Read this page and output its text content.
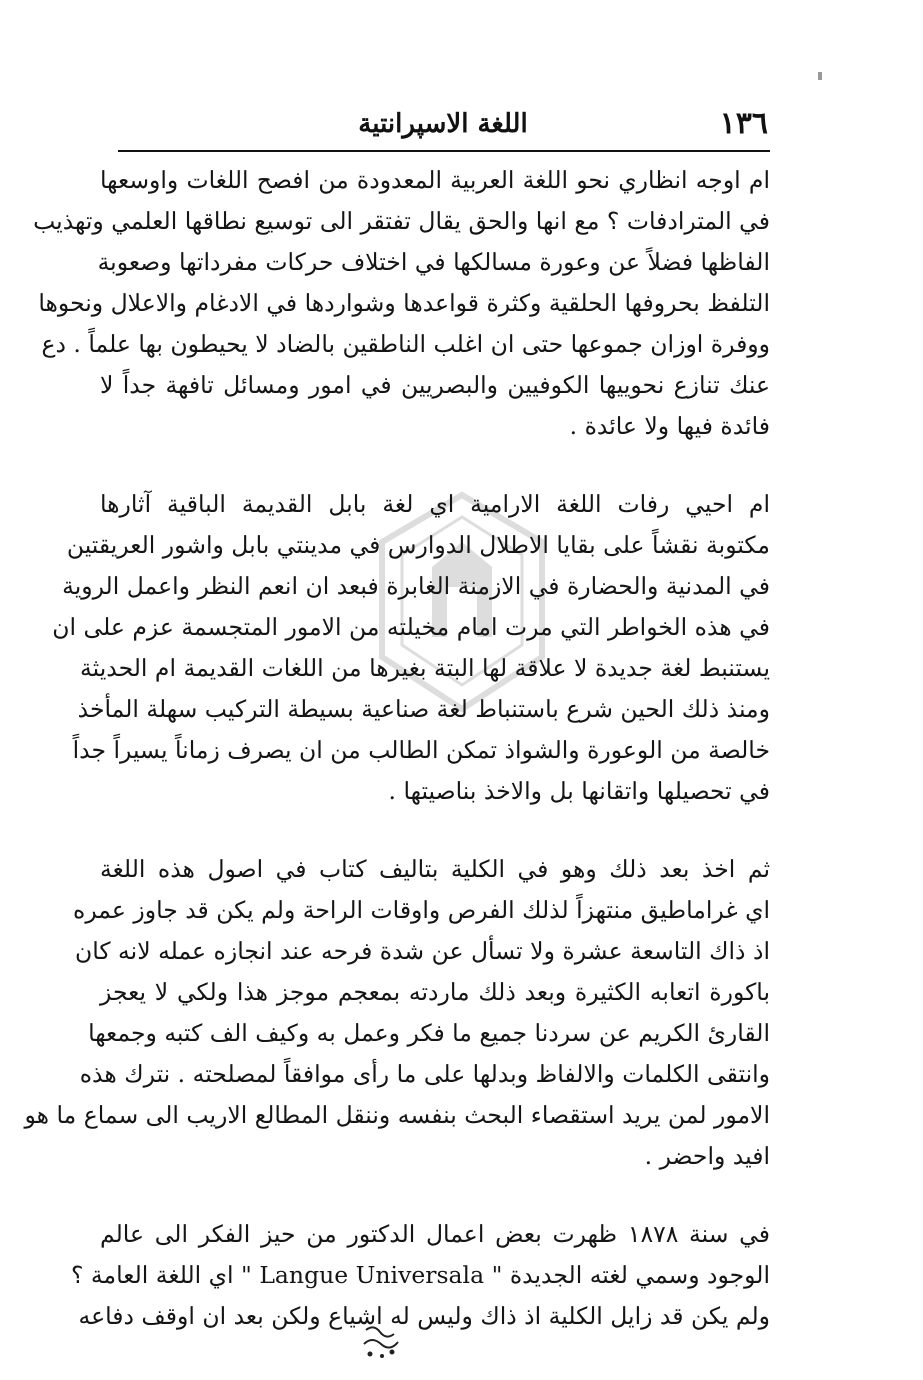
١٣٦
اللغة الاسپرانتية
ام اوجه انظاري نحو اللغة العربية المعدودة من افصح اللغات واوسعها
في المترادفات ؟ مع انها والحق يقال تفتقر الى توسيع نطاقها العلمي وتهذيب
الفاظها فضلاً عن وعورة مسالكها في اختلاف حركات مفرداتها وصعوبة
التلفظ بحروفها الحلقية وكثرة قواعدها وشواردها في الادغام والاعلال ونحوها
ووفرة اوزان جموعها حتى ان اغلب الناطقين بالضاد لا يحيطون بها علماً . دع
عنك تنازع نحوييها الكوفيين والبصريين في امور ومسائل تافهة جداً لا
فائدة فيها ولا عائدة .
ام احيي رفات اللغة الارامية اي لغة بابل القديمة الباقية آثارها
مكتوبة نقشاً على بقايا الاطلال الدوارس في مدينتي بابل واشور العريقتين
في المدنية والحضارة في الازمنة الغابرة فبعد ان انعم النظر واعمل الروية
في هذه الخواطر التي مرت امام مخيلته من الامور المتجسمة عزم على ان
يستنبط لغة جديدة لا علاقة لها البتة بغيرها من اللغات القديمة ام الحديثة
ومنذ ذلك الحين شرع باستنباط لغة صناعية بسيطة التركيب سهلة المأخذ
خالصة من الوعورة والشواذ تمكن الطالب من ان يصرف زماناً يسيراً جداً
في تحصيلها واتقانها بل والاخذ بناصيتها .
ثم اخذ بعد ذلك وهو في الكلية بتاليف كتاب في اصول هذه اللغة
اي غراماطيق منتهزاً لذلك الفرص واوقات الراحة ولم يكن قد جاوز عمره
اذ ذاك التاسعة عشرة ولا تسأل عن شدة فرحه عند انجازه عمله لانه كان
باكورة اتعابه الكثيرة وبعد ذلك ماردته بمعجم موجز هذا ولكي لا يعجز
القارئ الكريم عن سردنا جميع ما فكر وعمل به وكيف الف كتبه وجمعها
وانتقى الكلمات والالفاظ وبدلها على ما رأى موافقاً لمصلحته . نترك هذه
الامور لمن يريد استقصاء البحث بنفسه وننقل المطالع الاريب الى سماع ما هو
افيد واحضر .
في سنة ١٨٧٨ ظهرت بعض اعمال الدكتور من حيز الفكر الى عالم
الوجود وسمي لغته الجديدة " Langue Universala " اي اللغة العامة ؟
ولم يكن قد زايل الكلية اذ ذاك وليس له اشياع ولكن بعد ان اوقف دفاعه
